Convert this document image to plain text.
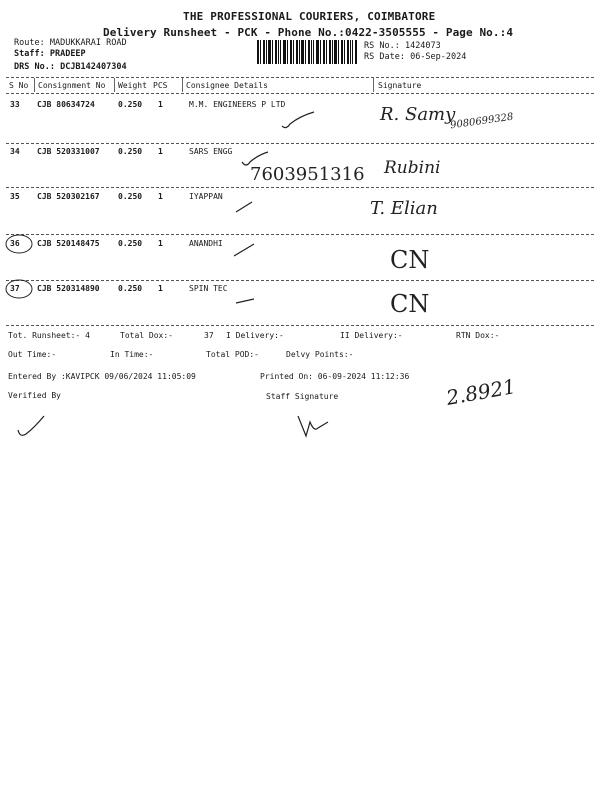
THE PROFESSIONAL COURIERS, COIMBATORE
Delivery Runsheet - PCK - Phone No.:0422-3505555 - Page No.:4
Route: MADUKKARAI ROAD
Staff: PRADEEP
DRS No.: DCJB142407304
RS No.: 1424073
RS Date: 06-Sep-2024
S No Consignment No Weight PCS Consignee Details	Signature
33 CJB 80634724	0.250 1	M.M. ENGINEERS P LTD	R. Samy
9080699328
34 CJB 520331007 0.250 1	SARS ENGG
7603951316 Rubini
35 CJB 520302167 0.250 1	IYAPPAN
T. Elian
36 CJB 520148475 0.250 1	ANANDHI
CN
37 CJB 520314890 0.250 1	SPIN TEC
CN
Tot. Runsheet:- 4	Total Dox:-	37 I Delivery:-	II Delivery:-	RTN Dox:-
Out Time:-	In Time:-	Total POD:-	Delvy Points:-
Entered By :KAVIPCK 09/06/2024 11:05:09	Printed On: 06-09-2024 11:12:36
Verified By	Staff Signature	2.8921
